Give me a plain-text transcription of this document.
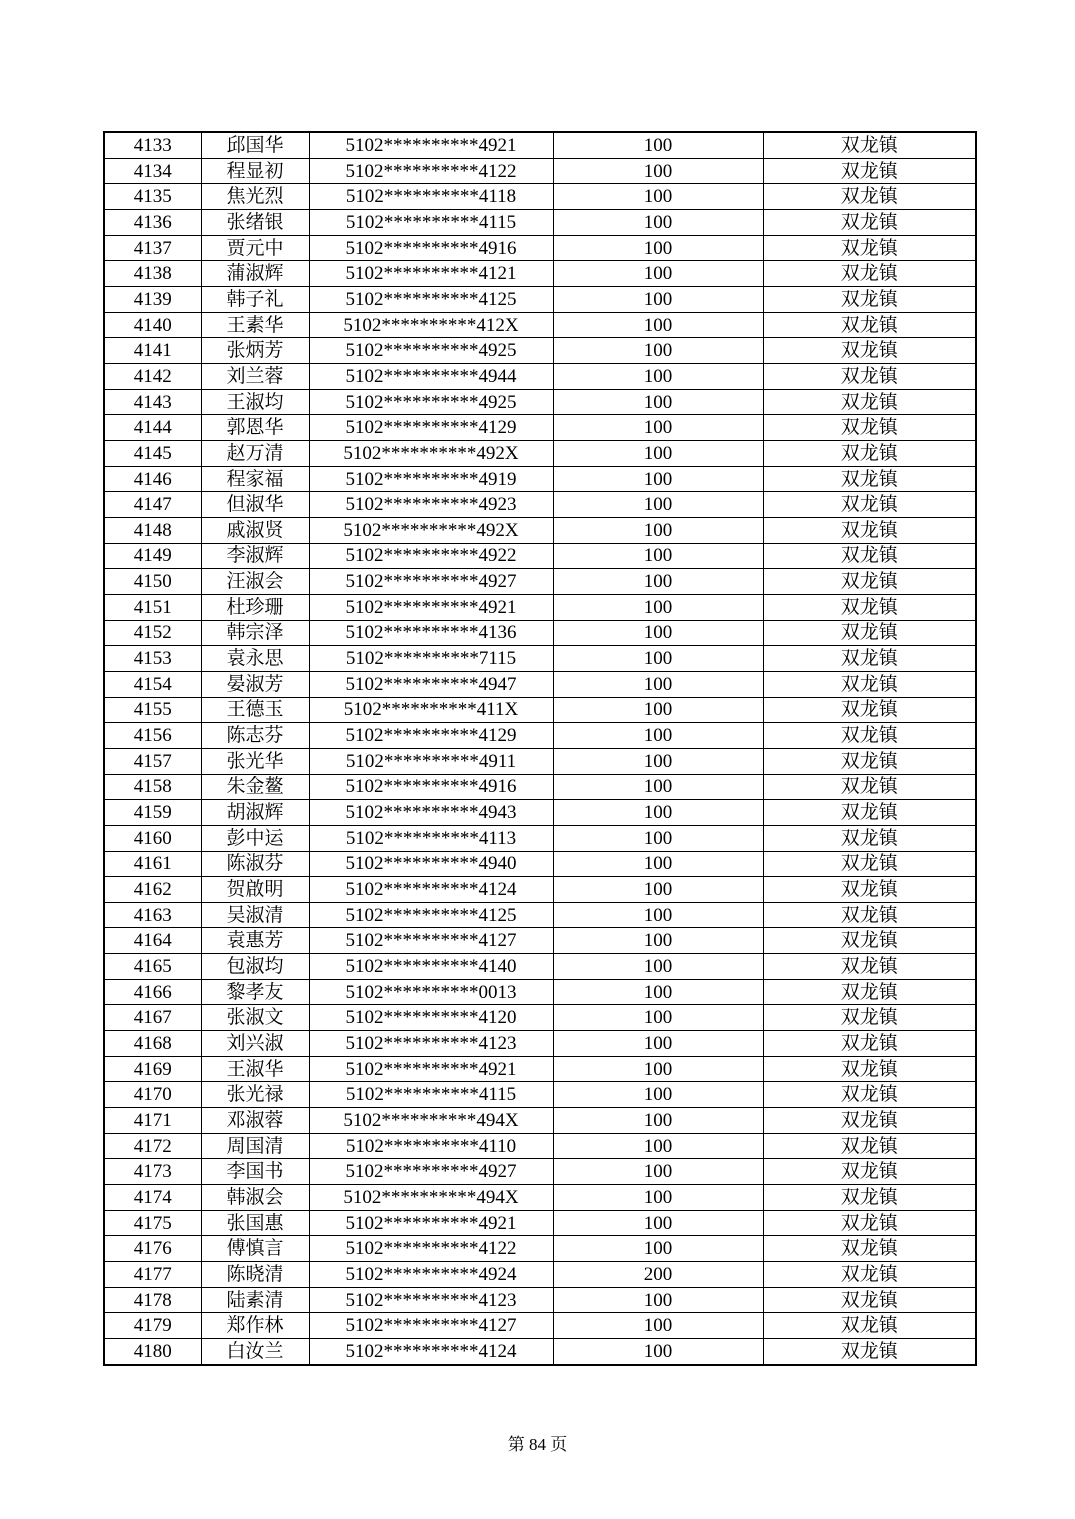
4133	邱国华	5102**********4921	100	双龙镇
4134	程显初	5102**********4122	100	双龙镇
4135	焦光烈	5102**********4118	100	双龙镇
4136	张绪银	5102**********4115	100	双龙镇
4137	贾元中	5102**********4916	100	双龙镇
4138	蒲淑辉	5102**********4121	100	双龙镇
4139	韩子礼	5102**********4125	100	双龙镇
4140	王素华	5102**********412X	100	双龙镇
4141	张炳芳	5102**********4925	100	双龙镇
4142	刘兰蓉	5102**********4944	100	双龙镇
4143	王淑均	5102**********4925	100	双龙镇
4144	郭恩华	5102**********4129	100	双龙镇
4145	赵万清	5102**********492X	100	双龙镇
4146	程家福	5102**********4919	100	双龙镇
4147	但淑华	5102**********4923	100	双龙镇
4148	戚淑贤	5102**********492X	100	双龙镇
4149	李淑辉	5102**********4922	100	双龙镇
4150	汪淑会	5102**********4927	100	双龙镇
4151	杜珍珊	5102**********4921	100	双龙镇
4152	韩宗泽	5102**********4136	100	双龙镇
4153	袁永思	5102**********7115	100	双龙镇
4154	晏淑芳	5102**********4947	100	双龙镇
4155	王德玉	5102**********411X	100	双龙镇
4156	陈志芬	5102**********4129	100	双龙镇
4157	张光华	5102**********4911	100	双龙镇
4158	朱金鳌	5102**********4916	100	双龙镇
4159	胡淑辉	5102**********4943	100	双龙镇
4160	彭中运	5102**********4113	100	双龙镇
4161	陈淑芬	5102**********4940	100	双龙镇
4162	贺啟明	5102**********4124	100	双龙镇
4163	吴淑清	5102**********4125	100	双龙镇
4164	袁惠芳	5102**********4127	100	双龙镇
4165	包淑均	5102**********4140	100	双龙镇
4166	黎孝友	5102**********0013	100	双龙镇
4167	张淑文	5102**********4120	100	双龙镇
4168	刘兴淑	5102**********4123	100	双龙镇
4169	王淑华	5102**********4921	100	双龙镇
4170	张光禄	5102**********4115	100	双龙镇
4171	邓淑蓉	5102**********494X	100	双龙镇
4172	周国清	5102**********4110	100	双龙镇
4173	李国书	5102**********4927	100	双龙镇
4174	韩淑会	5102**********494X	100	双龙镇
4175	张国惠	5102**********4921	100	双龙镇
4176	傅慎言	5102**********4122	100	双龙镇
4177	陈晓清	5102**********4924	200	双龙镇
4178	陆素清	5102**********4123	100	双龙镇
4179	郑作林	5102**********4127	100	双龙镇
4180	白汝兰	5102**********4124	100	双龙镇
第 84 页
